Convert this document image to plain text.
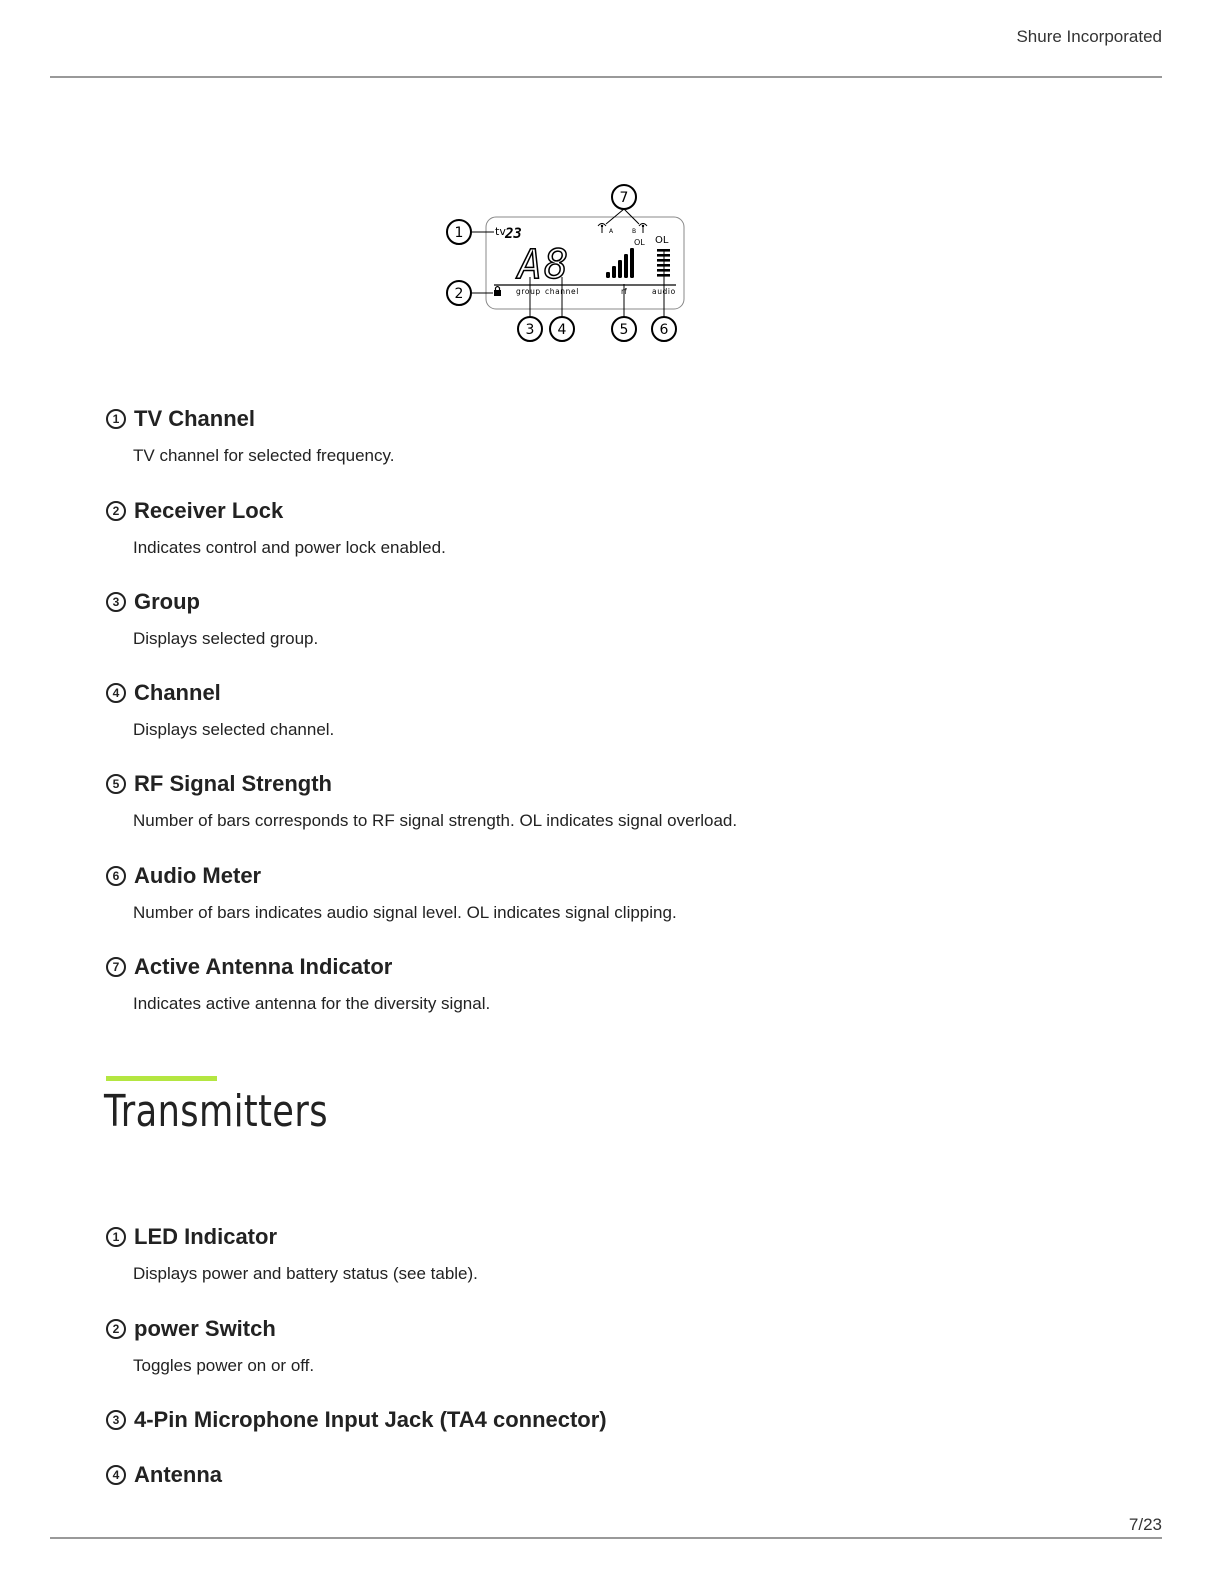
Shure Incorporated
tv 23
A8
A	B
OL OL
group channel	rf	audio
1
2
3 4	5 6
7
1 TV Channel
TV channel for selected frequency.
2 Receiver Lock
Indicates control and power lock enabled.
3 Group
Displays selected group.
4 Channel
Displays selected channel.
5 RF Signal Strength
Number of bars corresponds to RF signal strength. OL indicates signal overload.
6 Audio Meter
Number of bars indicates audio signal level. OL indicates signal clipping.
7 Active Antenna Indicator
Indicates active antenna for the diversity signal.
Transmitters
1 LED Indicator
Displays power and battery status (see table).
2 power Switch
Toggles power on or off.
3 4-Pin Microphone Input Jack (TA4 connector)
4 Antenna
7/23
